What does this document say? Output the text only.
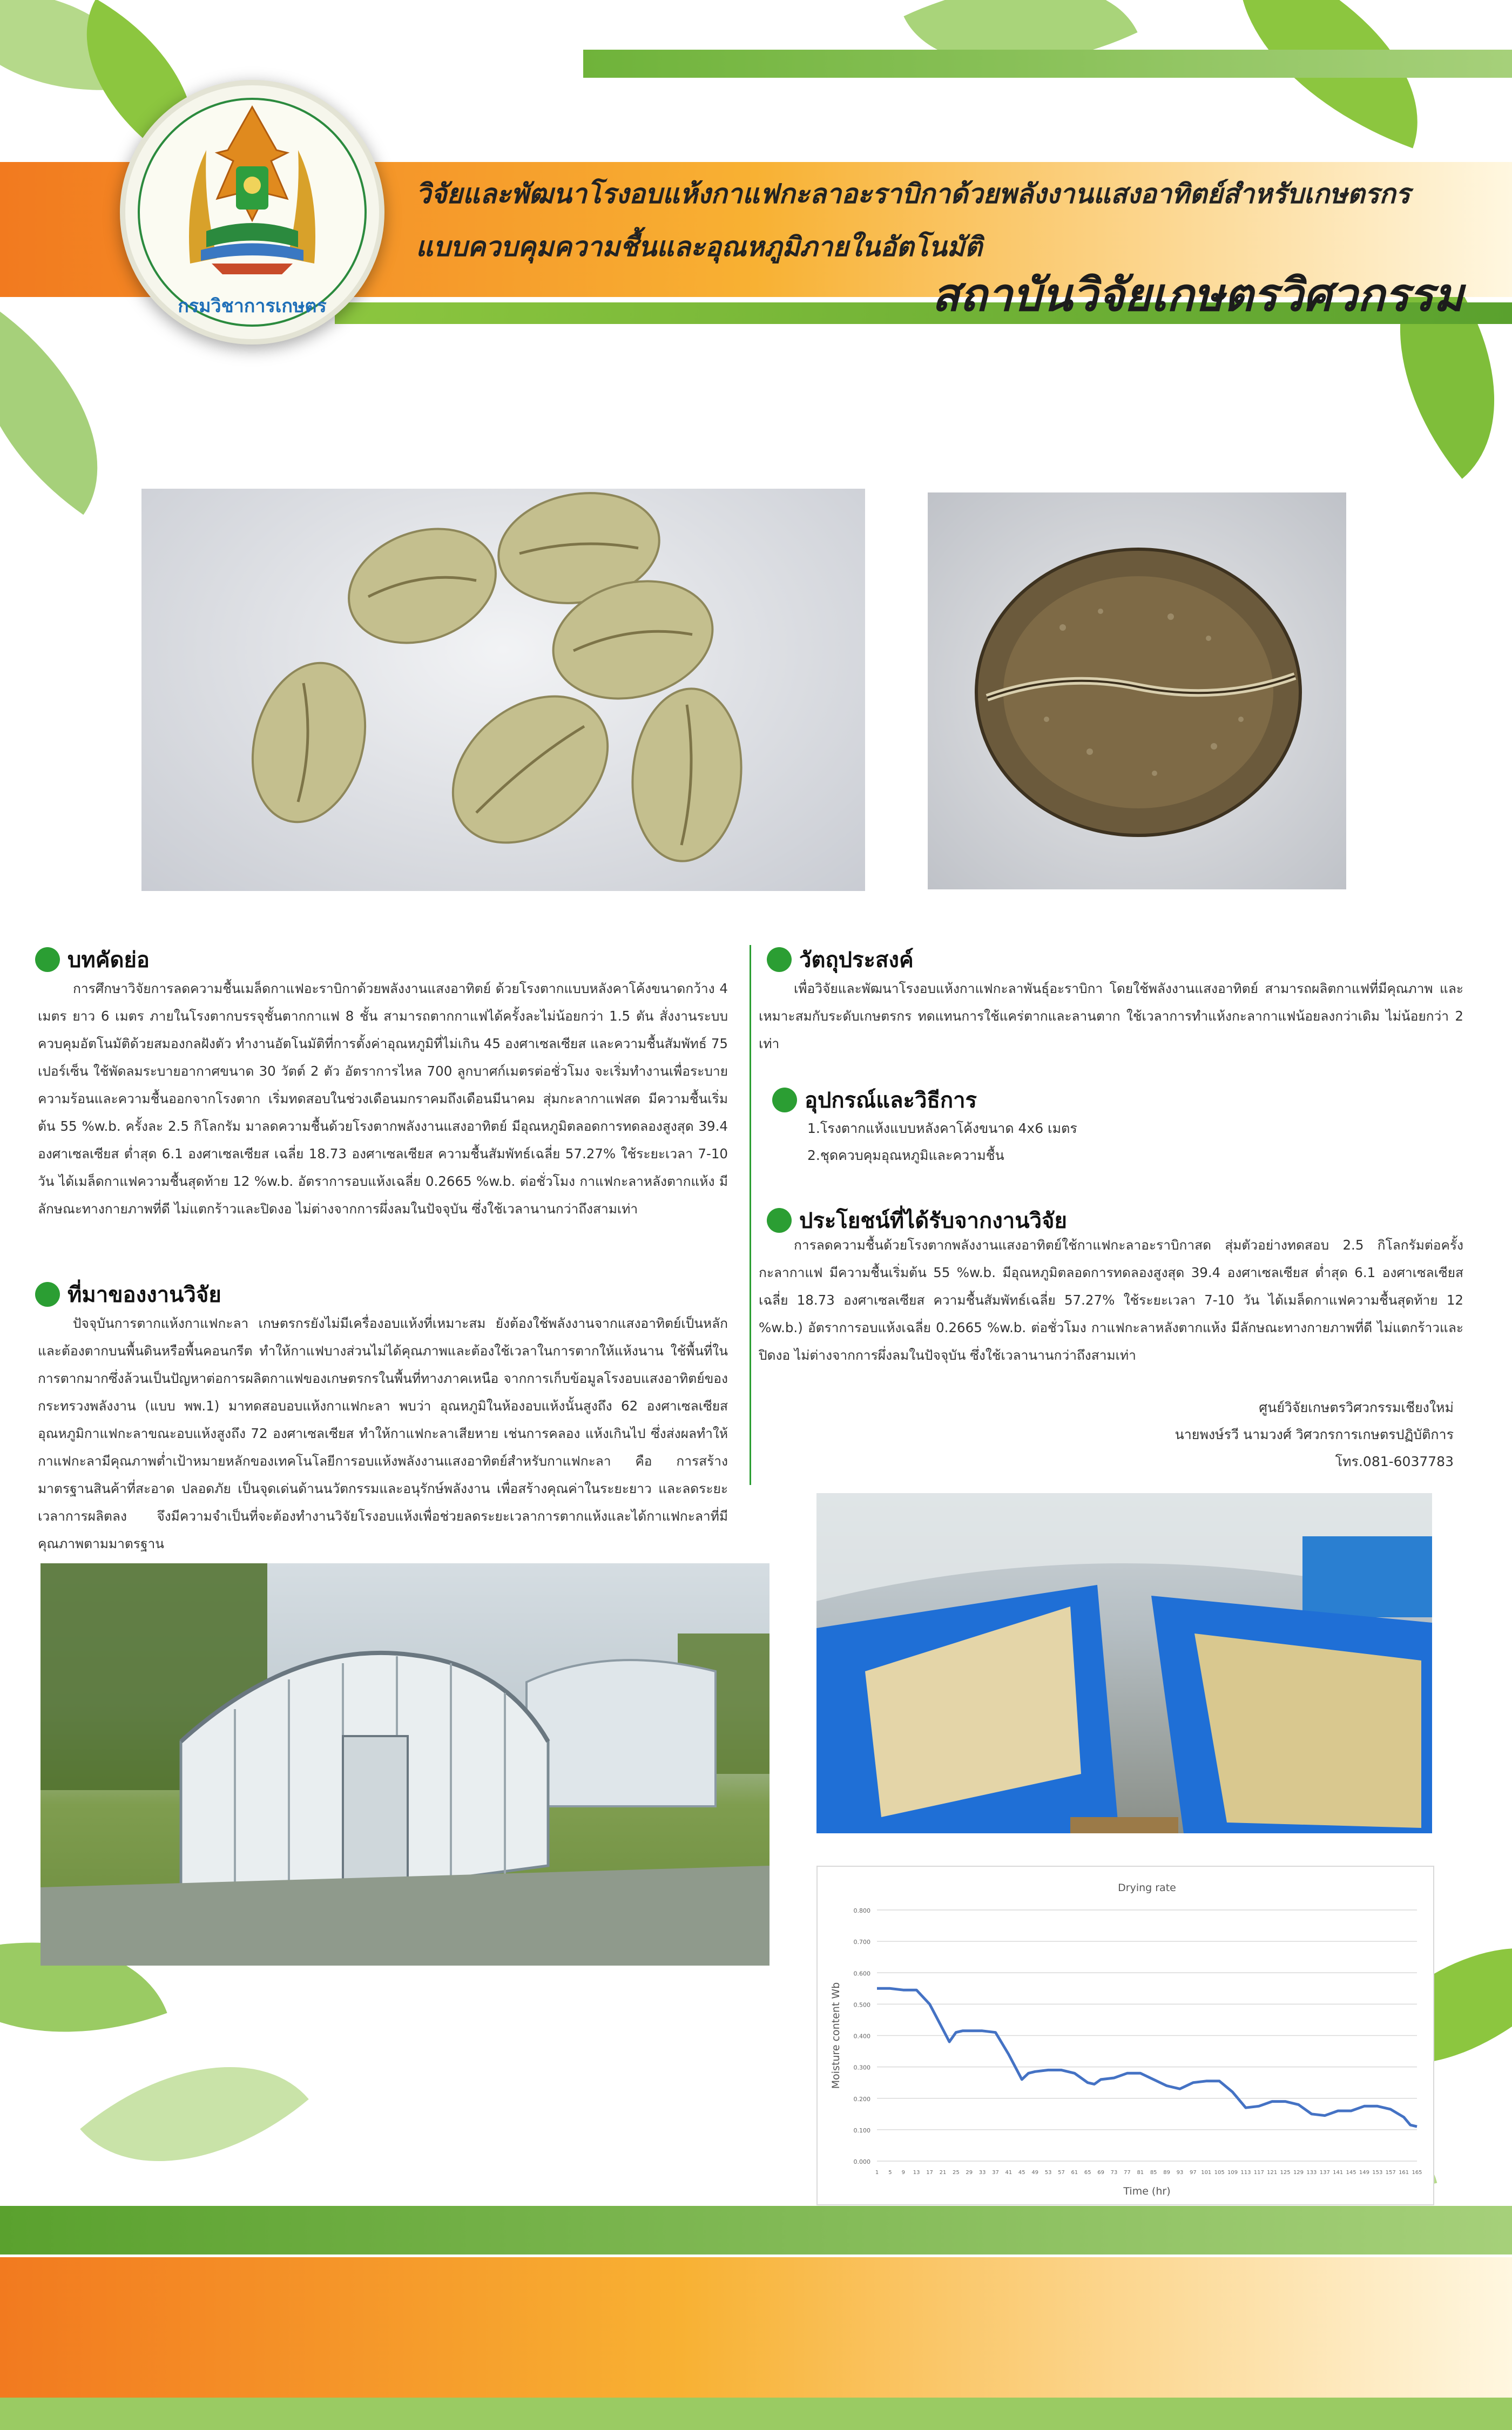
กรมวิชาการเกษตร
วิจัยและพัฒนาโรงอบแห้งกาแฟกะลาอะราบิกาด้วยพลังงานแสงอาทิตย์สำหรับเกษตรกร
แบบควบคุมความชื้นและอุณหภูมิภายในอัตโนมัติ
สถาบันวิจัยเกษตรวิศวกรรม
บทคัดย่อ

การศึกษาวิจัยการลดความชื้นเมล็ดกาแฟอะราบิกาด้วยพลังงานแสงอาทิตย์ ด้วยโรงตากแบบหลังคาโค้งขนาดกว้าง 4 เมตร ยาว 6 เมตร ภายในโรงตากบรรจุชั้นตากกาแฟ 8 ชั้น สามารถตากกาแฟได้ครั้งละไม่น้อยกว่า 1.5 ตัน สั่งงานระบบควบคุมอัตโนมัติด้วยสมองกลฝังตัว ทำงานอัตโนมัติที่การตั้งค่าอุณหภูมิที่ไม่เกิน 45 องศาเซลเซียส และความชื้นสัมพัทธ์ 75 เปอร์เซ็น ใช้พัดลมระบายอากาศขนาด 30 วัตต์ 2 ตัว อัตราการไหล 700 ลูกบาศก์เมตรต่อชั่วโมง จะเริ่มทำงานเพื่อระบายความร้อนและความชื้นออกจากโรงตาก เริ่มทดสอบในช่วงเดือนมกราคมถึงเดือนมีนาคม สุ่มกะลากาแฟสด มีความชื้นเริ่มต้น 55 %w.b. ครั้งละ 2.5 กิโลกรัม มาลดความชื้นด้วยโรงตากพลังงานแสงอาทิตย์ มีอุณหภูมิตลอดการทดลองสูงสุด 39.4 องศาเซลเซียส ต่ำสุด 6.1 องศาเซลเซียส เฉลี่ย 18.73 องศาเซลเซียส ความชื้นสัมพัทธ์เฉลี่ย 57.27% ใช้ระยะเวลา 7-10 วัน ได้เมล็ดกาแฟความชื้นสุดท้าย 12 %w.b. อัตราการอบแห้งเฉลี่ย 0.2665 %w.b. ต่อชั่วโมง กาแฟกะลาหลังตากแห้ง มีลักษณะทางกายภาพที่ดี ไม่แตกร้าวและปิดงอ ไม่ต่างจากการผึ่งลมในปัจจุบัน ซึ่งใช้เวลานานกว่าถึงสามเท่า

ที่มาของงานวิจัย

ปัจจุบันการตากแห้งกาแฟกะลา เกษตรกรยังไม่มีเครื่องอบแห้งที่เหมาะสม ยังต้องใช้พลังงานจากแสงอาทิตย์เป็นหลัก และต้องตากบนพื้นดินหรือพื้นคอนกรีต ทำให้กาแฟบางส่วนไม่ได้คุณภาพและต้องใช้เวลาในการตากให้แห้งนาน ใช้พื้นที่ในการตากมากซึ่งล้วนเป็นปัญหาต่อการผลิตกาแฟของเกษตรกรในพื้นที่ทางภาคเหนือ จากการเก็บข้อมูลโรงอบแสงอาทิตย์ของกระทรวงพลังงาน (แบบ พพ.1) มาทดสอบอบแห้งกาแฟกะลา พบว่า อุณหภูมิในห้องอบแห้งนั้นสูงถึง 62 องศาเซลเซียส อุณหภูมิกาแฟกะลาขณะอบแห้งสูงถึง 72 องศาเซลเซียส ทำให้กาแฟกะลาเสียหาย เช่นการคลอง แห้งเกินไป ซึ่งส่งผลทำให้กาแฟกะลามีคุณภาพต่ำเป้าหมายหลักของเทคโนโลยีการอบแห้งพลังงานแสงอาทิตย์สำหรับกาแฟกะลา คือ การสร้างมาตรฐานสินค้าที่สะอาด ปลอดภัย เป็นจุดเด่นด้านนวัตกรรมและอนุรักษ์พลังงาน เพื่อสร้างคุณค่าในระยะยาว และลดระยะเวลาการผลิตลง จึงมีความจำเป็นที่จะต้องทำงานวิจัยโรงอบแห้งเพื่อช่วยลดระยะเวลาการตากแห้งและได้กาแฟกะลาที่มีคุณภาพตามมาตรฐาน

วัตถุประสงค์

เพื่อวิจัยและพัฒนาโรงอบแห้งกาแฟกะลาพันธุ์อะราบิกา โดยใช้พลังงานแสงอาทิตย์ สามารถผลิตกาแฟที่มีคุณภาพ และเหมาะสมกับระดับเกษตรกร ทดแทนการใช้แคร่ตากและลานตาก ใช้เวลาการทำแห้งกะลากาแฟน้อยลงกว่าเดิม ไม่น้อยกว่า 2 เท่า

อุปกรณ์และวิธีการ
1.โรงตากแห้งแบบหลังคาโค้งขนาด 4x6 เมตร
2.ชุดควบคุมอุณหภูมิและความชื้น
ประโยชน์ที่ได้รับจากงานวิจัย

การลดความชื้นด้วยโรงตากพลังงานแสงอาทิตย์ใช้กาแฟกะลาอะราบิกาสด สุ่มตัวอย่างทดสอบ 2.5 กิโลกรัมต่อครั้ง กะลากาแฟ มีความชื้นเริ่มต้น 55 %w.b. มีอุณหภูมิตลอดการทดลองสูงสุด 39.4 องศาเซลเซียส ต่ำสุด 6.1 องศาเซลเซียส เฉลี่ย 18.73 องศาเซลเซียส ความชื้นสัมพัทธ์เฉลี่ย 57.27% ใช้ระยะเวลา 7-10 วัน ได้เมล็ดกาแฟความชื้นสุดท้าย 12 %w.b.) อัตราการอบแห้งเฉลี่ย 0.2665 %w.b. ต่อชั่วโมง กาแฟกะลาหลังตากแห้ง มีลักษณะทางกายภาพที่ดี ไม่แตกร้าวและปิดงอ ไม่ต่างจากการผึ่งลมในปัจจุบัน ซึ่งใช้เวลานานกว่าถึงสามเท่า

ศูนย์วิจัยเกษตรวิศวกรรมเชียงใหม่
นายพงษ์รวี นามวงศ์ วิศวกรการเกษตรปฏิบัติการ
โทร.081-6037783
Drying rate
0.000
0.100
0.200
0.300
0.400
0.500
0.600
0.700
0.800
1 5 9 13 17 21 25 29 33 37 41 45 49 53 57 61 65 69 73 77 81 85 89 93 97 101 105 109 113 117 121 125 129 133 137 141 145 149 153 157 161 165
Time (hr)
Moisture content Wb
